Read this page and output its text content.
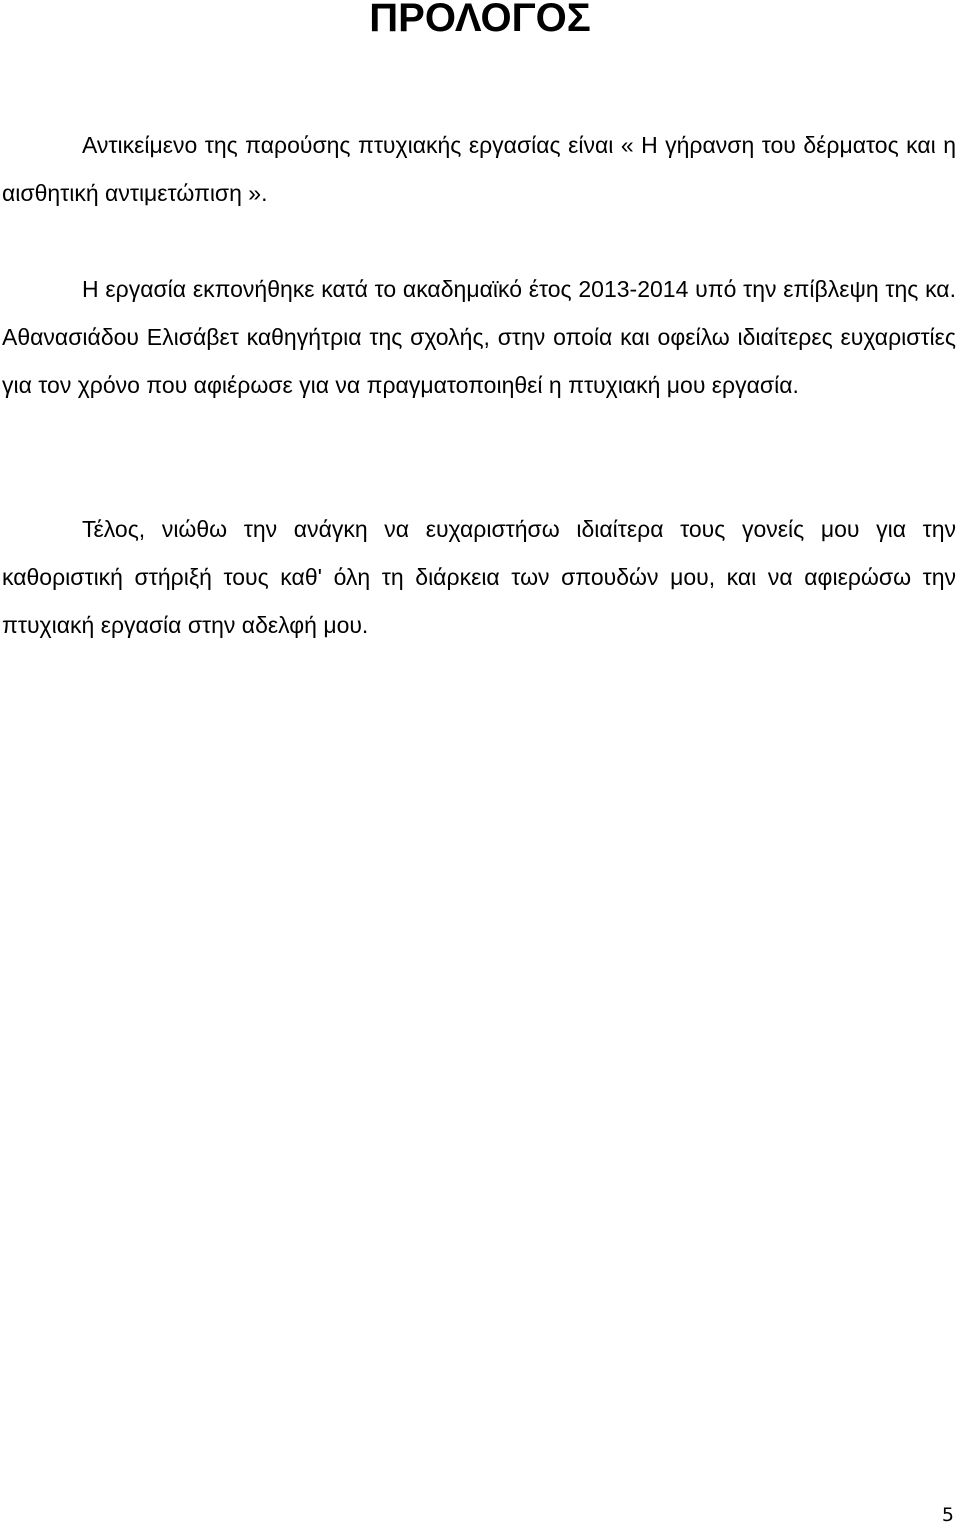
ΠΡΟΛΟΓΟΣ

Αντικείμενο της παρούσης πτυχιακής εργασίας είναι « Η γήρανση του δέρματος και η αισθητική αντιμετώπιση ».

Η εργασία εκπονήθηκε κατά το ακαδημαϊκό έτος 2013-2014 υπό την επίβλεψη της κα. Αθανασιάδου Ελισάβετ καθηγήτρια της σχολής, στην οποία και οφείλω ιδιαίτερες ευχαριστίες για τον χρόνο που αφιέρωσε για να πραγματοποιηθεί η πτυχιακή μου εργασία.

Τέλος, νιώθω την ανάγκη να ευχαριστήσω ιδιαίτερα τους γονείς μου για την καθοριστική στήριξή τους καθ' όλη τη διάρκεια των σπουδών μου, και να αφιερώσω την πτυχιακή εργασία στην αδελφή μου.

5
